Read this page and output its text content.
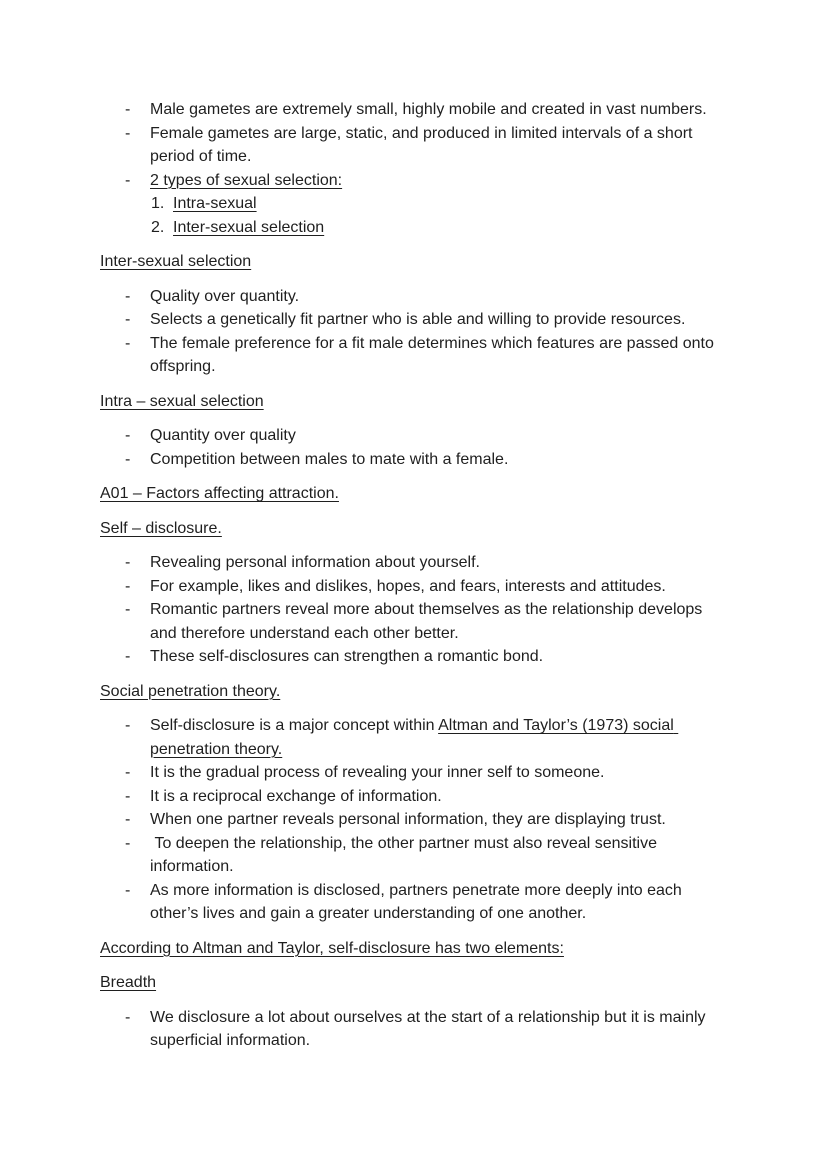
- Male gametes are extremely small, highly mobile and created in vast numbers.
- Female gametes are large, static, and produced in limited intervals of a short period of time.
- 2 types of sexual selection:
1. Intra-sexual
2. Inter-sexual selection

Inter-sexual selection

- Quality over quantity.
- Selects a genetically fit partner who is able and willing to provide resources.
- The female preference for a fit male determines which features are passed onto offspring.

Intra – sexual selection

- Quantity over quality
- Competition between males to mate with a female.

A01 – Factors affecting attraction.

Self – disclosure.

- Revealing personal information about yourself.
- For example, likes and dislikes, hopes, and fears, interests and attitudes.
- Romantic partners reveal more about themselves as the relationship develops and therefore understand each other better.
- These self-disclosures can strengthen a romantic bond.

Social penetration theory.

- Self-disclosure is a major concept within Altman and Taylor’s (1973) social penetration theory.
- It is the gradual process of revealing your inner self to someone.
- It is a reciprocal exchange of information.
- When one partner reveals personal information, they are displaying trust.
- To deepen the relationship, the other partner must also reveal sensitive information.
- As more information is disclosed, partners penetrate more deeply into each other’s lives and gain a greater understanding of one another.

According to Altman and Taylor, self-disclosure has two elements:

Breadth

- We disclosure a lot about ourselves at the start of a relationship but it is mainly superficial information.
